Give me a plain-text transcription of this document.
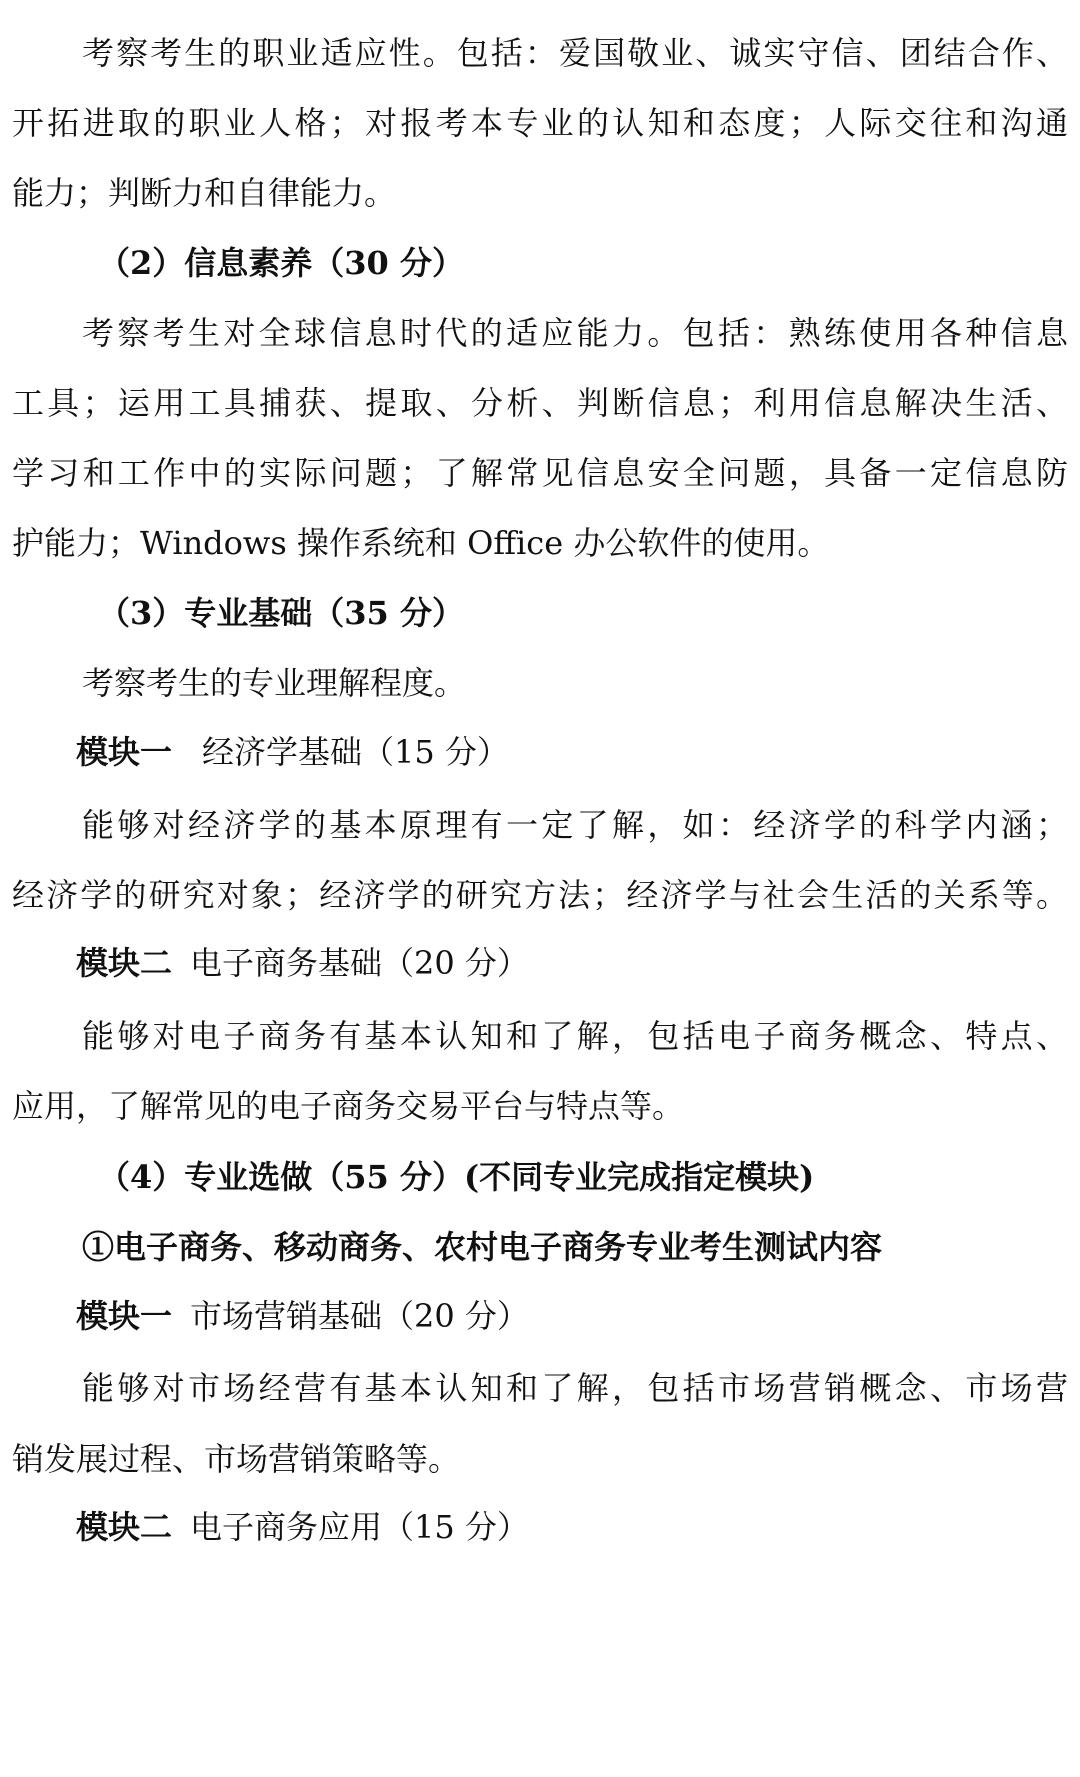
考察考生的职业适应性。包括：爱国敬业、诚实守信、团结合作、
开拓进取的职业人格；对报考本专业的认知和态度；人际交往和沟通
能力；判断力和自律能力。
（2）信息素养（30 分）
考察考生对全球信息时代的适应能力。包括：熟练使用各种信息
工具；运用工具捕获、提取、分析、判断信息；利用信息解决生活、
学习和工作中的实际问题；了解常见信息安全问题，具备一定信息防
护能力；Windows 操作系统和 Office 办公软件的使用。
（3）专业基础（35 分）
考察考生的专业理解程度。
模块一 经济学基础（15 分）
能够对经济学的基本原理有一定了解，如：经济学的科学内涵；
经济学的研究对象；经济学的研究方法；经济学与社会生活的关系等。
模块二 电子商务基础（20 分）
能够对电子商务有基本认知和了解，包括电子商务概念、特点、
应用，了解常见的电子商务交易平台与特点等。
（4）专业选做（55 分）(不同专业完成指定模块)
①电子商务、移动商务、农村电子商务专业考生测试内容
模块一 市场营销基础（20 分）
能够对市场经营有基本认知和了解，包括市场营销概念、市场营
销发展过程、市场营销策略等。
模块二 电子商务应用（15 分）
